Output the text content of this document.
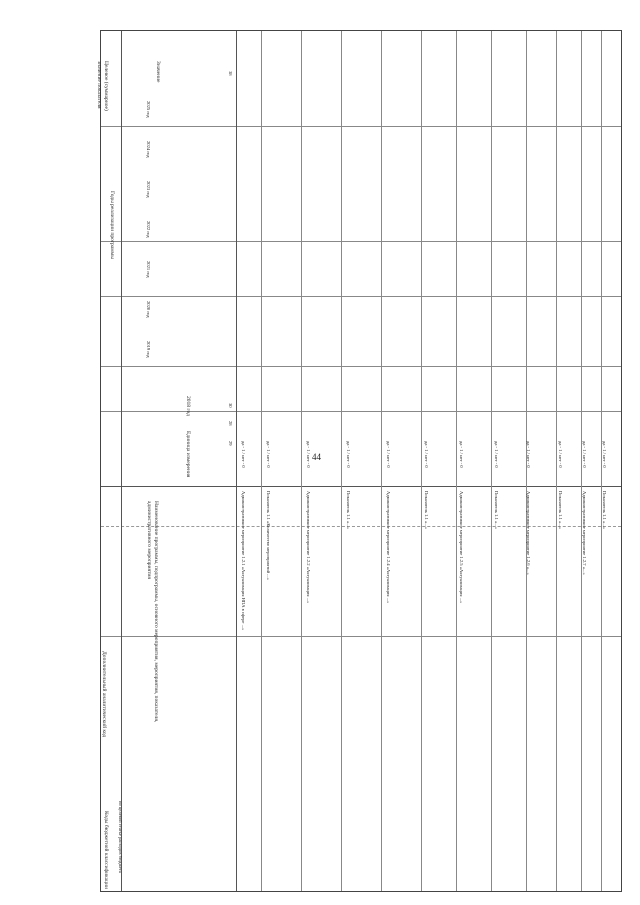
44
Коды бюджетной классификации по целевой статье расходов бюджета
Дополнительный аналитический код	Наименование программы, подпрограммы, основного мероприятия, мероприятия, показателя, административного мероприятия
Единица измерения
2018 год
Годы реализации программы
Целевое (суммарное) значение показателя	Значение
2019 год
2020 год
2021 год
2022 год
2023 год
2024 год
2025 год
28
29
30
38
Административное мероприятие 1.2.1 «Актуализация НПА в сфере ...»
да - 1 / нет - 0
Показатель 1.1 «Количество мероприятий ...»
да - 1 / нет - 0
Административное мероприятие 1.2.2 «Актуализация ...»
да - 1 / нет - 0
Показатель 1.1 «...»
да - 1 / нет - 0
Административное мероприятие 1.2.4 «Актуализация ...»
да - 1 / нет - 0
Показатель 1.1 «...»
да - 1 / нет - 0
Административное мероприятие 1.2.5 «Актуализация ...»
да - 1 / нет - 0
Показатель 1.1 «...»
да - 1 / нет - 0
Административное мероприятие 1.2.6 «...»
да - 1 / нет - 0
Показатель 1.1 «...»
да - 1 / нет - 0
Административное мероприятие 1.2.7 «...»
да - 1 / нет - 0
Показатель 1.1 «...»
да - 1 / нет - 0
